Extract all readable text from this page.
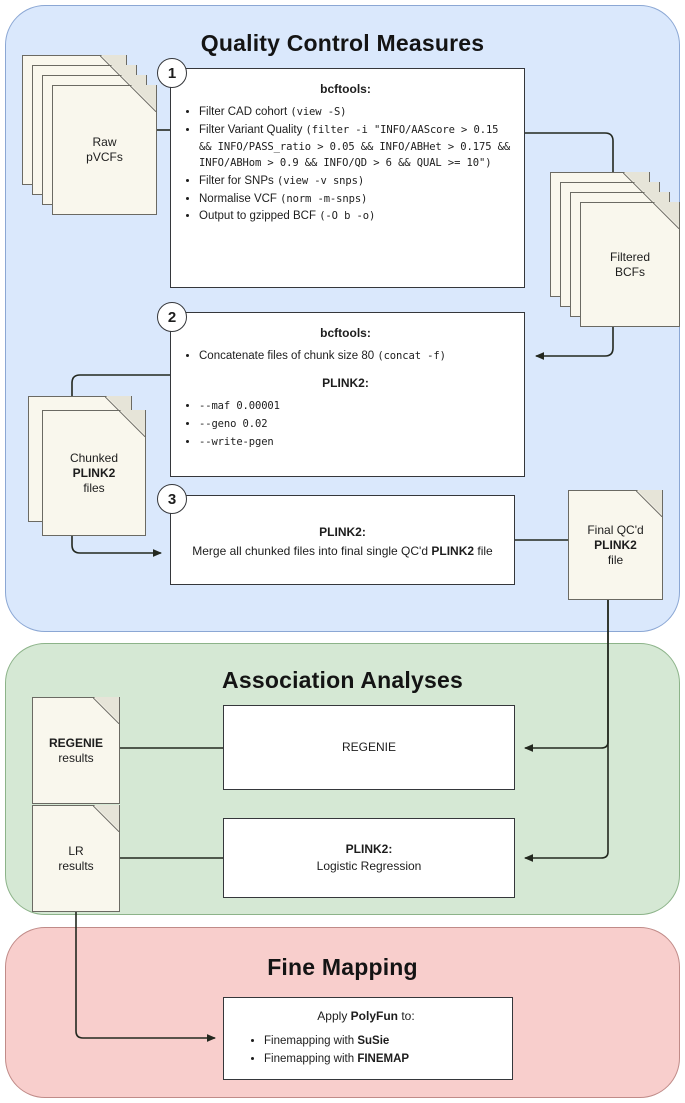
Quality Control Measures
Association Analyses
Fine Mapping
Raw
pVCFs
Filtered
BCFs
Chunked
PLINK2
files
Final QC'd
PLINK2
file
REGENIE
results
LR
results
bcftools:
• Filter CAD cohort (view -S)
• Filter Variant Quality (filter -i "INFO/AAScore > 0.15 && INFO/PASS_ratio > 0.05 && INFO/ABHet > 0.175 && INFO/ABHom > 0.9 && INFO/QD > 6 && QUAL >= 10")
• Filter for SNPs (view -v snps)
• Normalise VCF (norm -m-snps)
• Output to gzipped BCF (-O b -o)
bcftools:
• Concatenate files of chunk size 80 (concat -f)
PLINK2:
• --maf 0.00001
• --geno 0.02
• --write-pgen
PLINK2:
Merge all chunked files into final single QC'd PLINK2 file
REGENIE
PLINK2:
Logistic Regression
Apply PolyFun to:
• Finemapping with SuSie
• Finemapping with FINEMAP
1
2
3
